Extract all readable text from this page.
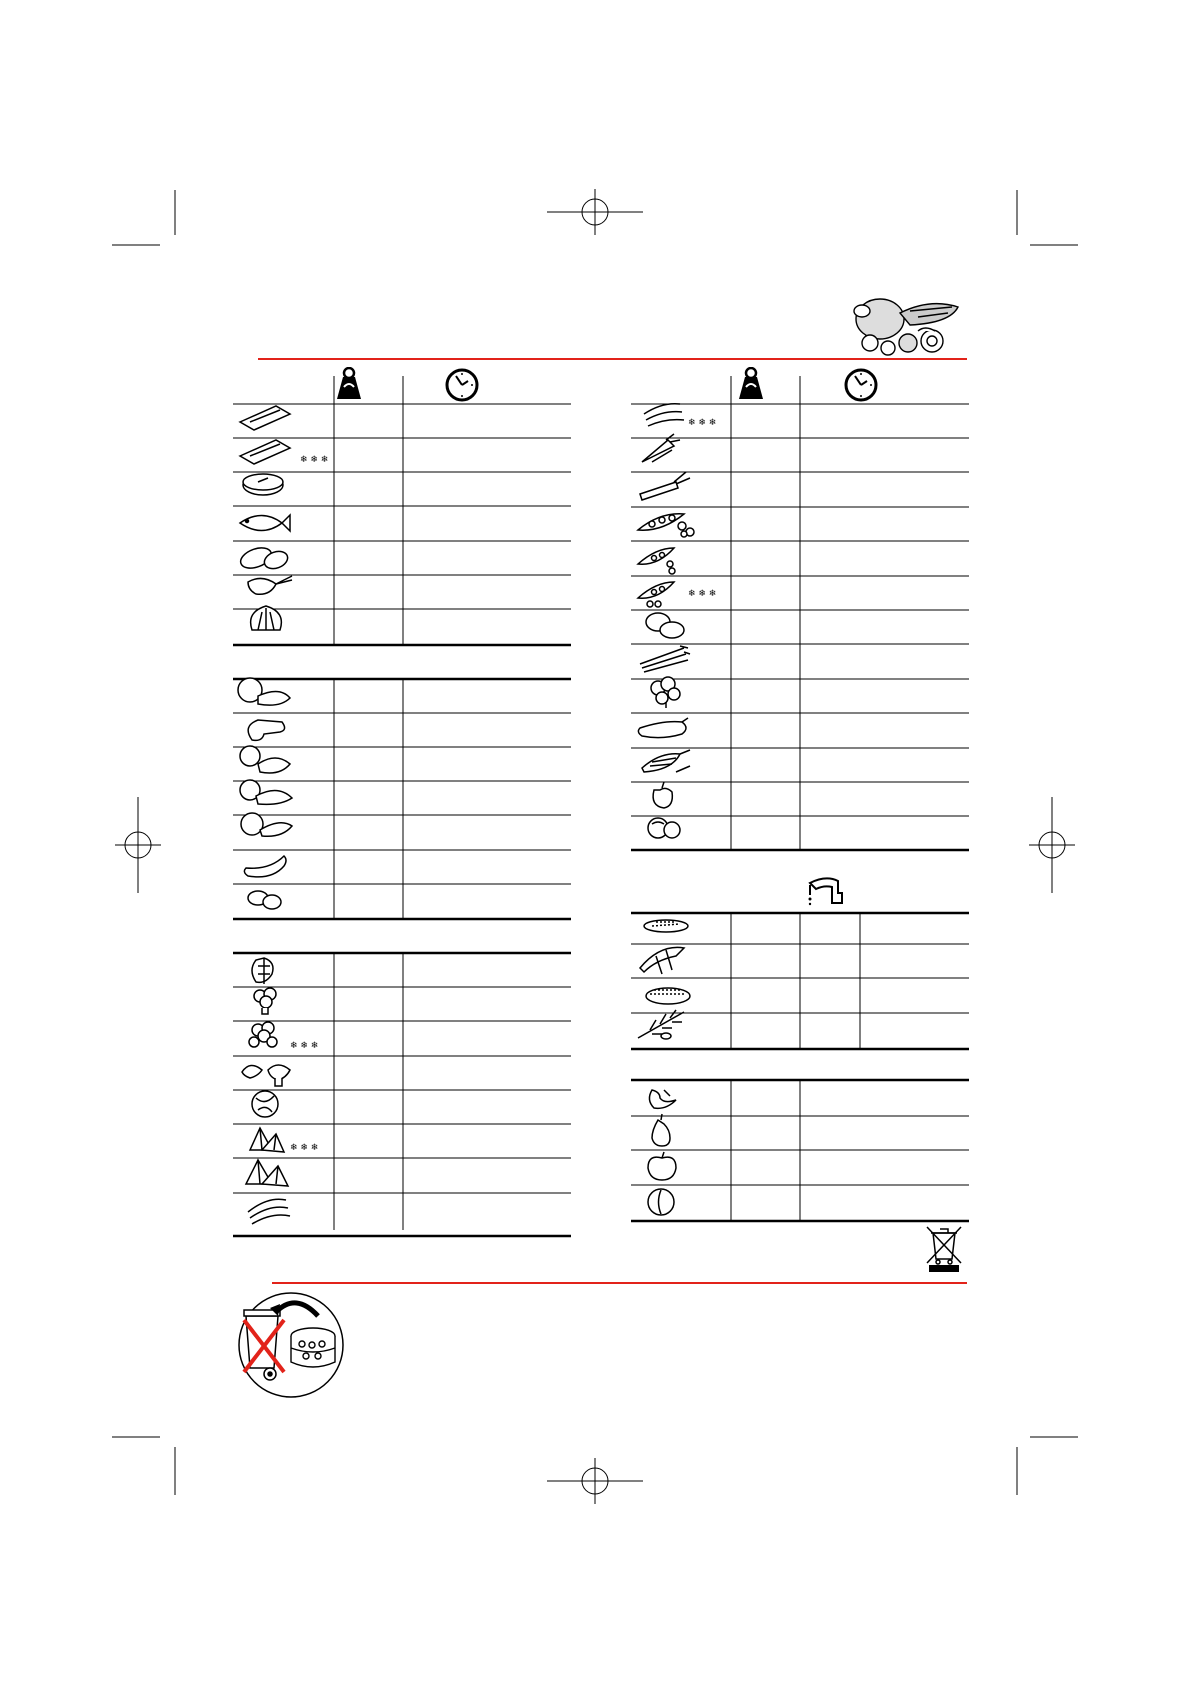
❄ ❄ ❄
❄ ❄ ❄
❄ ❄ ❄
❄ ❄ ❄
❄ ❄ ❄
